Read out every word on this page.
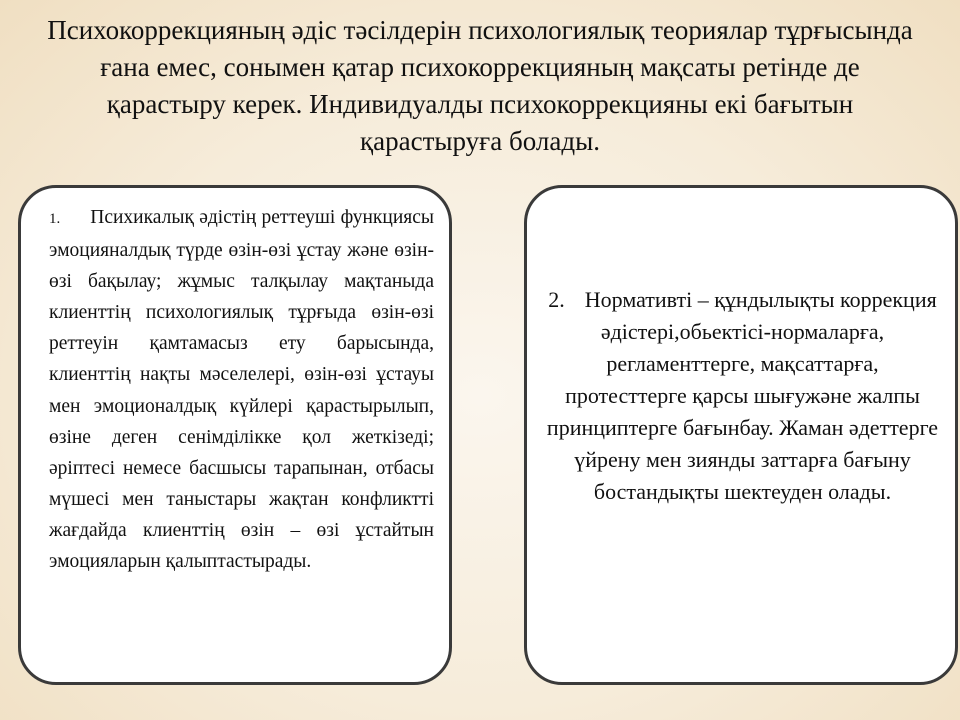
Психокоррекцияның әдіс тәсілдерін психологиялық теориялар тұрғысында ғана емес, сонымен қатар психокоррекцияның мақсаты ретінде де қарастыру керек. Индивидуалды психокоррекцияны екі бағытын қарастыруға болады.

1. Психикалық әдістің реттеуші функциясы эмоцияналдық түрде өзін-өзі ұстау және өзін-өзі бақылау; жұмыс талқылау мақтаныда клиенттің психологиялық тұрғыда өзін-өзі реттеуін қамтамасыз ету барысында, клиенттің нақты мәселелері, өзін-өзі ұстауы мен эмоционалдық күйлері қарастырылып, өзіне деген сенімділікке қол жеткізеді; әріптесі немесе басшысы тарапынан, отбасы мүшесі мен таныстары жақтан конфликтті жағдайда клиенттің өзін – өзі ұстайтын эмоцияларын қалыптастырады.

2. Нормативті – құндылықты коррекция әдістері,обьектісі-нормаларға, регламенттерге, мақсаттарға, протесттерге қарсы шығужәне жалпы принциптерге бағынбау. Жаман әдеттерге үйрену мен зиянды заттарға бағыну бостандықты шектеуден олады.
